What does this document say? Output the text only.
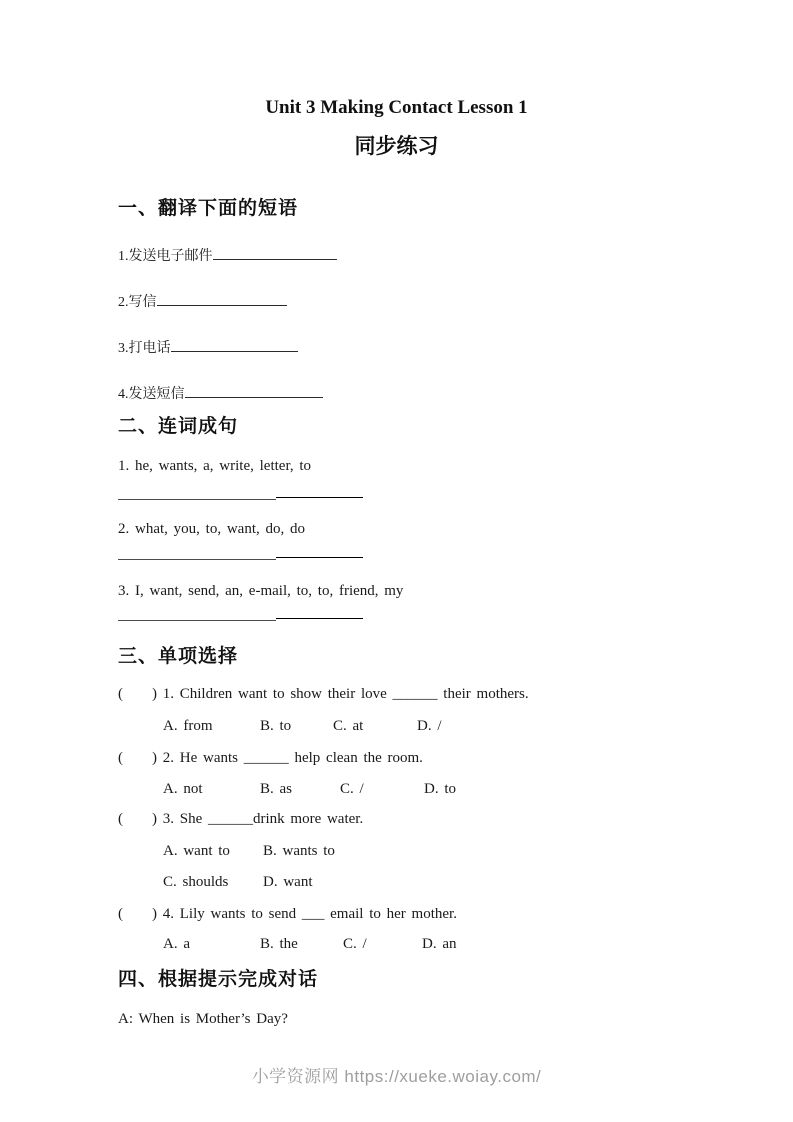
Unit 3 Making Contact Lesson 1
同步练习
一、翻译下面的短语
1.发送电子邮件
2.写信
3.打电话
4.发送短信
二、连词成句
1. he, wants, a, write, letter, to
2. what, you, to, want, do, do
3. I, want, send, an, e-mail, to, to, friend, my
三、单项选择
( ) 1. Children want to show their love ______ their mothers.
A. from	B. to	C. at	D. /
( ) 2. He wants ______ help clean the room.
A. not	B. as	C. /	D. to
( ) 3. She ______drink more water.
A. want to B. wants to
C. shoulds D. want
( ) 4. Lily wants to send ___ email to her mother.
A. a	B. the	C. /	D. an
四、根据提示完成对话
A: When is Mother’s Day?
小学资源网 https://xueke.woiay.com/
